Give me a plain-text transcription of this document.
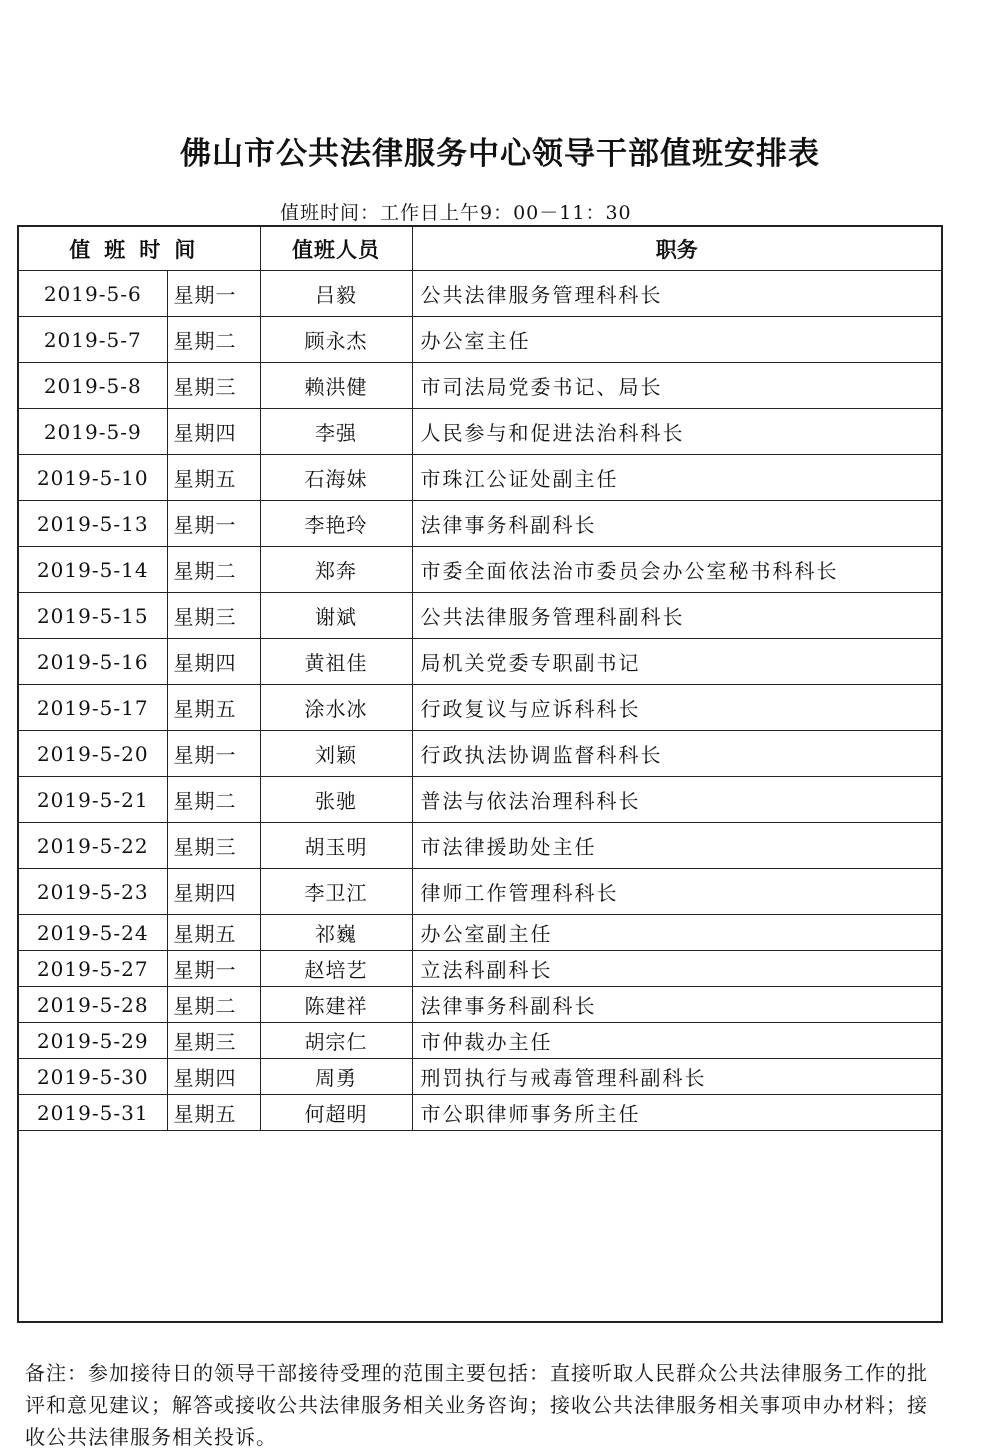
佛山市公共法律服务中心领导干部值班安排表
值班时间：工作日上午9：00－11：30
值班时间		值班人员	职务
2019-5-6	星期一	吕毅	公共法律服务管理科科长
2019-5-7	星期二	顾永杰	办公室主任
2019-5-8	星期三	赖洪健	市司法局党委书记、局长
2019-5-9	星期四	李强	人民参与和促进法治科科长
2019-5-10	星期五	石海妹	市珠江公证处副主任
2019-5-13	星期一	李艳玲	法律事务科副科长
2019-5-14	星期二	郑奔	市委全面依法治市委员会办公室秘书科科长
2019-5-15	星期三	谢斌	公共法律服务管理科副科长
2019-5-16	星期四	黄祖佳	局机关党委专职副书记
2019-5-17	星期五	涂水冰	行政复议与应诉科科长
2019-5-20	星期一	刘颖	行政执法协调监督科科长
2019-5-21	星期二	张驰	普法与依法治理科科长
2019-5-22	星期三	胡玉明	市法律援助处主任
2019-5-23	星期四	李卫江	律师工作管理科科长
2019-5-24	星期五	祁巍	办公室副主任
2019-5-27	星期一	赵培艺	立法科副科长
2019-5-28	星期二	陈建祥	法律事务科副科长
2019-5-29	星期三	胡宗仁	市仲裁办主任
2019-5-30	星期四	周勇	刑罚执行与戒毒管理科副科长
2019-5-31	星期五	何超明	市公职律师事务所主任
备注：参加接待日的领导干部接待受理的范围主要包括：直接听取人民群众公共法律服务工作的批评和意见建议；解答或接收公共法律服务相关业务咨询；接收公共法律服务相关事项申办材料；接收公共法律服务相关投诉。
